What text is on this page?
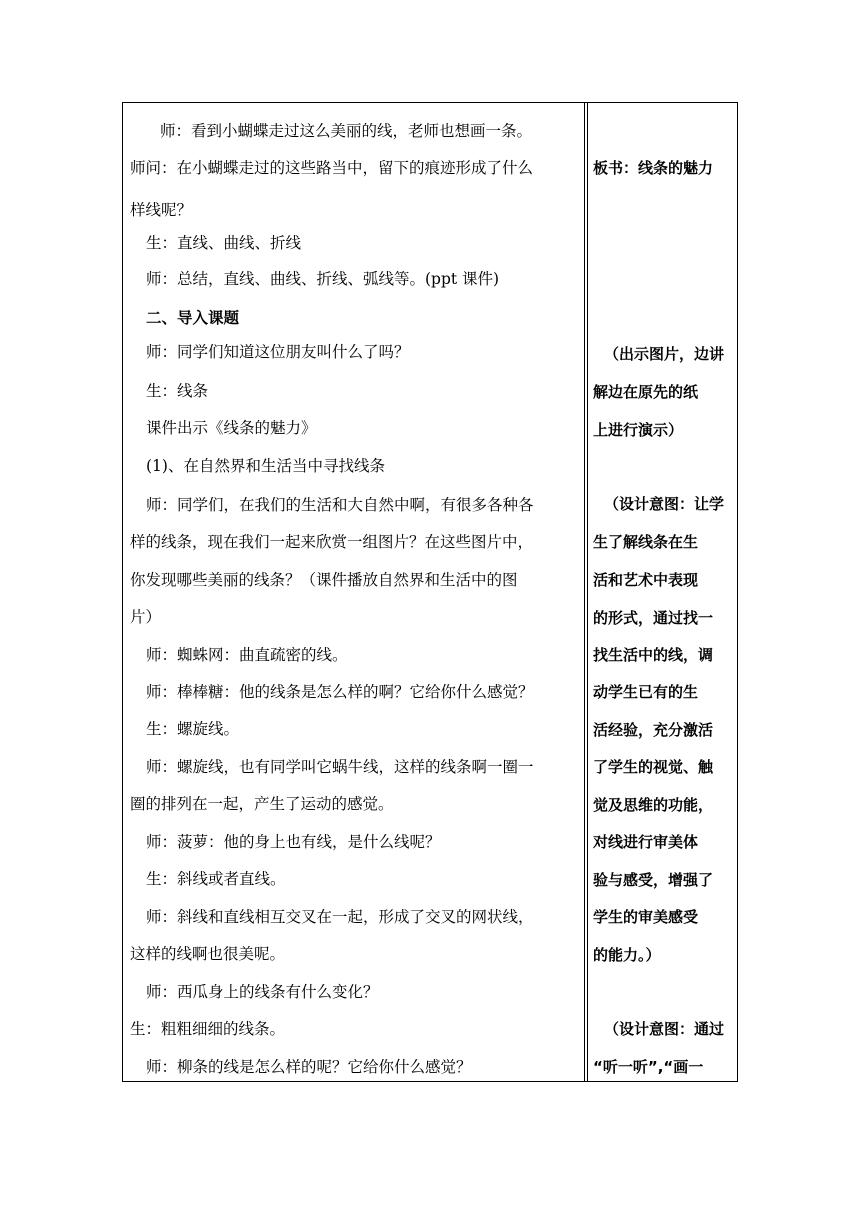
师：看到小蝴蝶走过这么美丽的线，老师也想画一条。
师问：在小蝴蝶走过的这些路当中，留下的痕迹形成了什么
样线呢？
生：直线、曲线、折线
师：总结，直线、曲线、折线、弧线等。(ppt 课件)
二、导入课题
师：同学们知道这位朋友叫什么了吗？
生：线条
课件出示《线条的魅力》
(1)、在自然界和生活当中寻找线条
师：同学们，在我们的生活和大自然中啊，有很多各种各
样的线条，现在我们一起来欣赏一组图片？在这些图片中，
你发现哪些美丽的线条？（课件播放自然界和生活中的图
片）
师：蜘蛛网：曲直疏密的线。
师：棒棒糖：他的线条是怎么样的啊？它给你什么感觉？
生：螺旋线。
师：螺旋线，也有同学叫它蜗牛线，这样的线条啊一圈一
圈的排列在一起，产生了运动的感觉。
师：菠萝：他的身上也有线，是什么线呢？
生：斜线或者直线。
师：斜线和直线相互交叉在一起，形成了交叉的网状线，
这样的线啊也很美呢。
师：西瓜身上的线条有什么变化？
生：粗粗细细的线条。
师：柳条的线是怎么样的呢？它给你什么感觉？
板书：线条的魅力
（出示图片，边讲
解边在原先的纸
上进行演示）
（设计意图：让学
生了解线条在生
活和艺术中表现
的形式，通过找一
找生活中的线，调
动学生已有的生
活经验，充分激活
了学生的视觉、触
觉及思维的功能，
对线进行审美体
验与感受，增强了
学生的审美感受
的能力。）
（设计意图：通过
“听一听”,“画一
